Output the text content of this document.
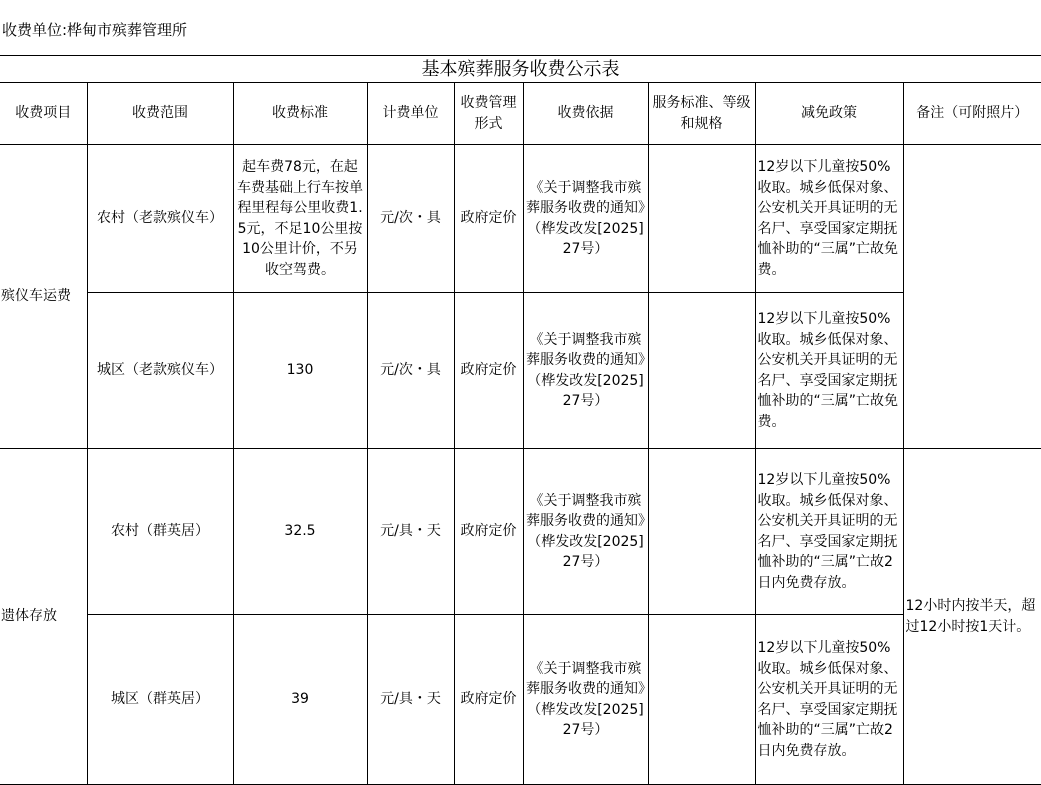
收费单位:桦甸市殡葬管理所
基本殡葬服务收费公示表
收费项目	收费范围	收费标准	计费单位	收费管理形式	收费依据	服务标准、等级和规格	减免政策	备注（可附照片）
殡仪车运费	农村（老款殡仪车）	起车费78元，在起车费基础上行车按单程里程每公里收费1.5元，不足10公里按10公里计价，不另收空驾费。	元/次・具	政府定价	《关于调整我市殡葬服务收费的通知》（桦发改发[2025]27号）		12岁以下儿童按50%收取。城乡低保对象、公安机关开具证明的无名尸、享受国家定期抚恤补助的“三属”亡故免费。	
	城区（老款殡仪车）	130	元/次・具	政府定价	《关于调整我市殡葬服务收费的通知》（桦发改发[2025]27号）		12岁以下儿童按50%收取。城乡低保对象、公安机关开具证明的无名尸、享受国家定期抚恤补助的“三属”亡故免费。	
遗体存放	农村（群英居）	32.5	元/具・天	政府定价	《关于调整我市殡葬服务收费的通知》（桦发改发[2025]27号）		12岁以下儿童按50%收取。城乡低保对象、公安机关开具证明的无名尸、享受国家定期抚恤补助的“三属”亡故2日内免费存放。	12小时内按半天，超过12小时按1天计。
	城区（群英居）	39	元/具・天	政府定价	《关于调整我市殡葬服务收费的通知》（桦发改发[2025]27号）		12岁以下儿童按50%收取。城乡低保对象、公安机关开具证明的无名尸、享受国家定期抚恤补助的“三属”亡故2日内免费存放。	
